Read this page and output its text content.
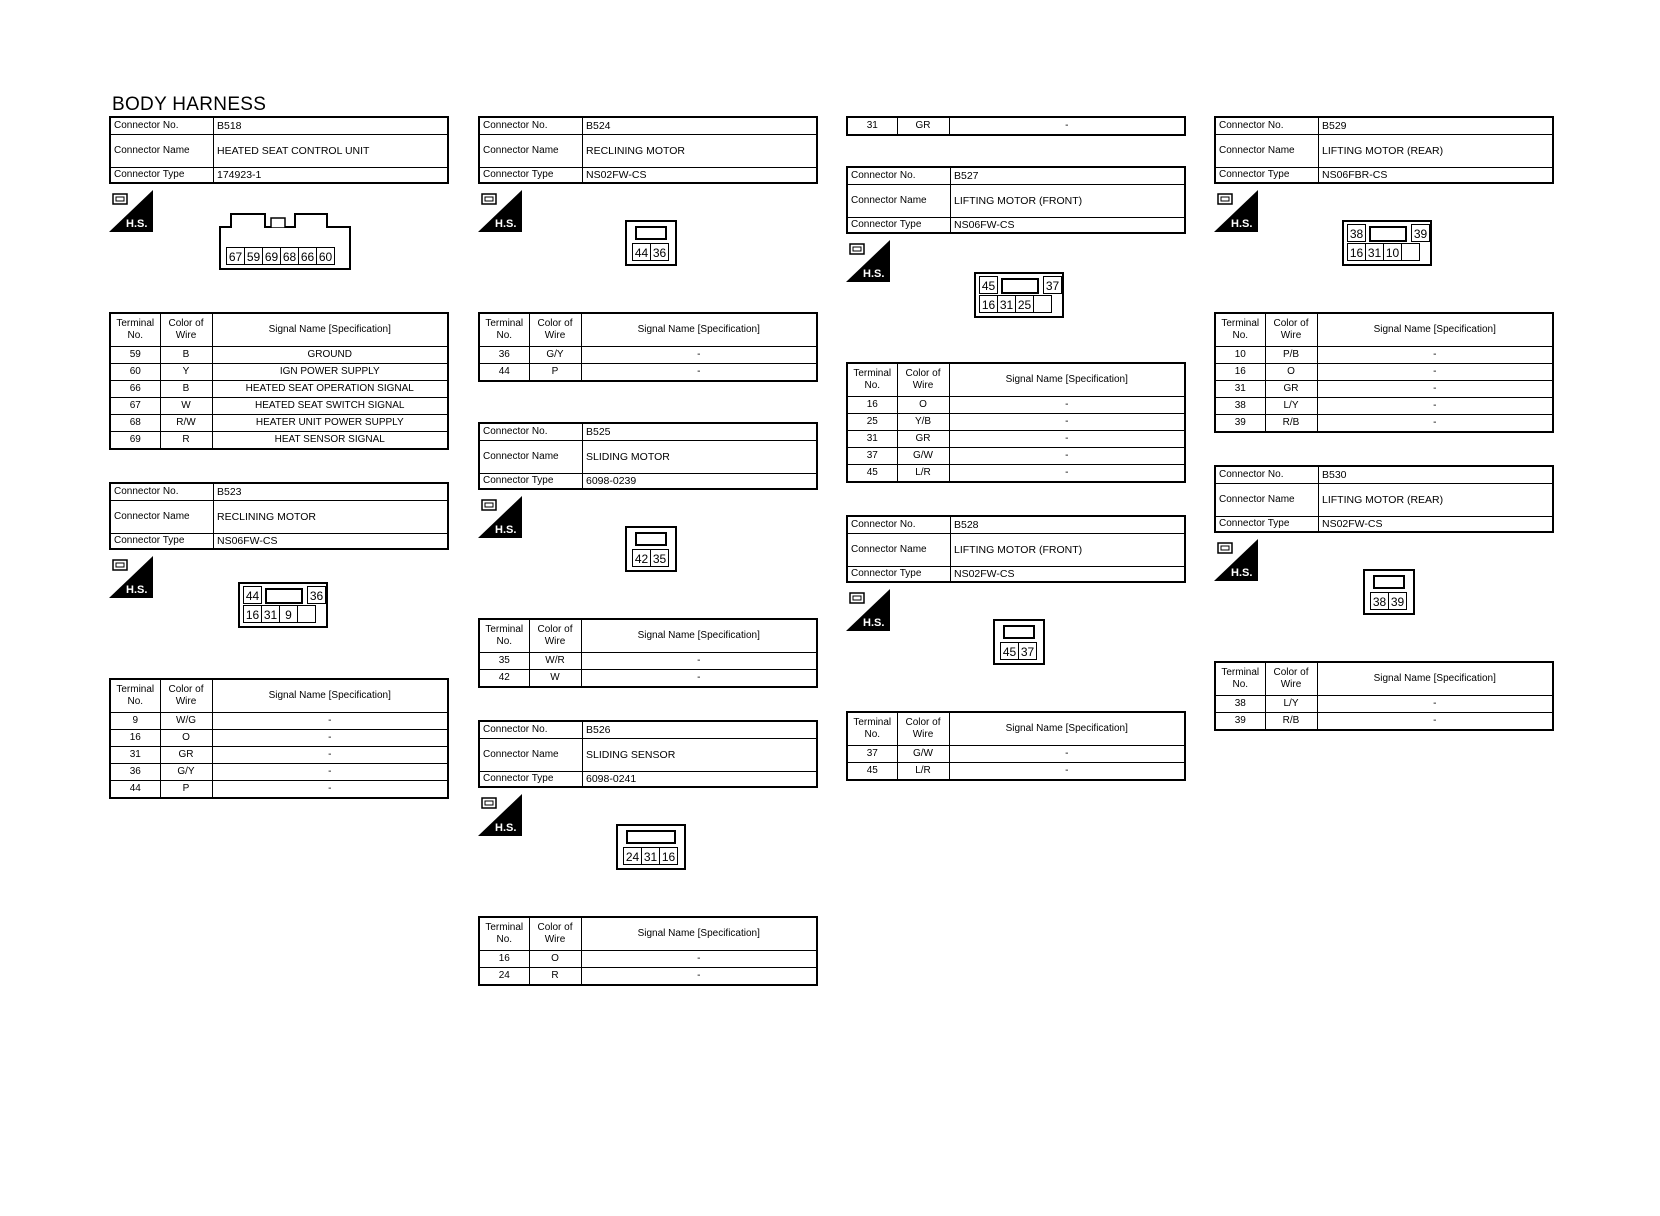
BODY HARNESS
Connector No.	B518
Connector Name	HEATED SEAT CONTROL UNIT
Connector Type	174923-1
H.S.
67 59 69 68 66 60
Terminal No.	Color of Wire	Signal Name [Specification]
59	B	GROUND
60	Y	IGN POWER SUPPLY
66	B	HEATED SEAT OPERATION SIGNAL
67	W	HEATED SEAT SWITCH SIGNAL
68	R/W	HEATER UNIT POWER SUPPLY
69	R	HEAT SENSOR SIGNAL
Connector No.	B523
Connector Name	RECLINING MOTOR
Connector Type	NS06FW-CS
H.S.	44	36
16 31 9
Terminal No.	Color of Wire	Signal Name [Specification]
9	W/G	-
16	O	-
31	GR	-
36	G/Y	-
44	P	-
Connector No.	B524
Connector Name	RECLINING MOTOR
Connector Type	NS02FW-CS
H.S.
44 36
Terminal No.	Color of Wire	Signal Name [Specification]
36	G/Y	-
44	P	-
Connector No.	B525
Connector Name	SLIDING MOTOR
Connector Type	6098-0239
H.S.
42 35
Terminal No.	Color of Wire	Signal Name [Specification]
35	W/R	-
42	W	-
Connector No.	B526
Connector Name	SLIDING SENSOR
Connector Type	6098-0241
H.S.
24 31 16
Terminal No.	Color of Wire	Signal Name [Specification]
16	O	-
24	R	-
31	GR	-
Connector No.	B527
Connector Name	LIFTING MOTOR (FRONT)
Connector Type	NS06FW-CS
H.S.
45	37
16 31 25
Terminal No.	Color of Wire	Signal Name [Specification]
16	O	-
25	Y/B	-
31	GR	-
37	G/W	-
45	L/R	-
Connector No.	B528
Connector Name	LIFTING MOTOR (FRONT)
Connector Type	NS02FW-CS
H.S.
45 37
Terminal No.	Color of Wire	Signal Name [Specification]
37	G/W	-
45	L/R	-
Connector No.	B529
Connector Name	LIFTING MOTOR (REAR)
Connector Type	NS06FBR-CS
H.S.
38	39
16 31 10
Terminal No.	Color of Wire	Signal Name [Specification]
10	P/B	-
16	O	-
31	GR	-
38	L/Y	-
39	R/B	-
Connector No.	B530
Connector Name	LIFTING MOTOR (REAR)
Connector Type	NS02FW-CS
H.S.
38 39
Terminal No.	Color of Wire	Signal Name [Specification]
38	L/Y	-
39	R/B	-
